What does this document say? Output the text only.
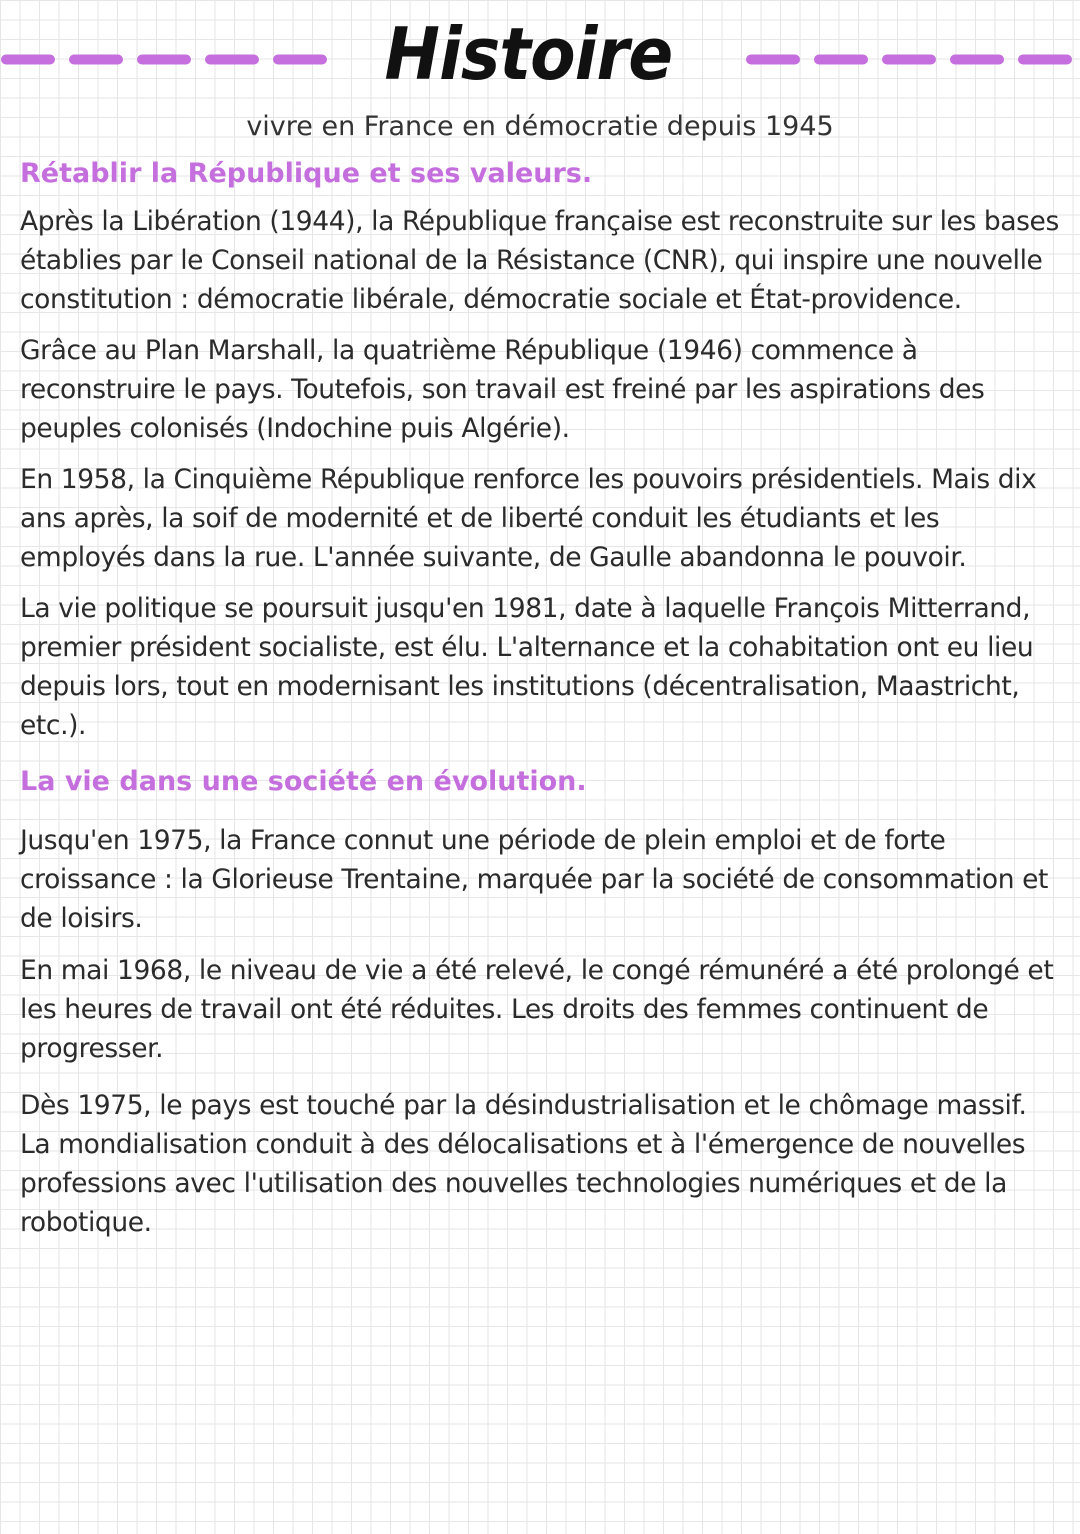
Histoire
vivre en France en démocratie depuis 1945
Rétablir la République et ses valeurs.
Après la Libération (1944), la République française est reconstruite sur les bases
établies par le Conseil national de la Résistance (CNR), qui inspire une nouvelle
constitution : démocratie libérale, démocratie sociale et État-providence.
Grâce au Plan Marshall, la quatrième République (1946) commence à
reconstruire le pays. Toutefois, son travail est freiné par les aspirations des
peuples colonisés (Indochine puis Algérie).
En 1958, la Cinquième République renforce les pouvoirs présidentiels. Mais dix
ans après, la soif de modernité et de liberté conduit les étudiants et les
employés dans la rue. L'année suivante, de Gaulle abandonna le pouvoir.
La vie politique se poursuit jusqu'en 1981, date à laquelle François Mitterrand,
premier président socialiste, est élu. L'alternance et la cohabitation ont eu lieu
depuis lors, tout en modernisant les institutions (décentralisation, Maastricht,
etc.).
La vie dans une société en évolution.
Jusqu'en 1975, la France connut une période de plein emploi et de forte
croissance : la Glorieuse Trentaine, marquée par la société de consommation et
de loisirs.
En mai 1968, le niveau de vie a été relevé, le congé rémunéré a été prolongé et
les heures de travail ont été réduites. Les droits des femmes continuent de
progresser.
Dès 1975, le pays est touché par la désindustrialisation et le chômage massif.
La mondialisation conduit à des délocalisations et à l'émergence de nouvelles
professions avec l'utilisation des nouvelles technologies numériques et de la
robotique.
